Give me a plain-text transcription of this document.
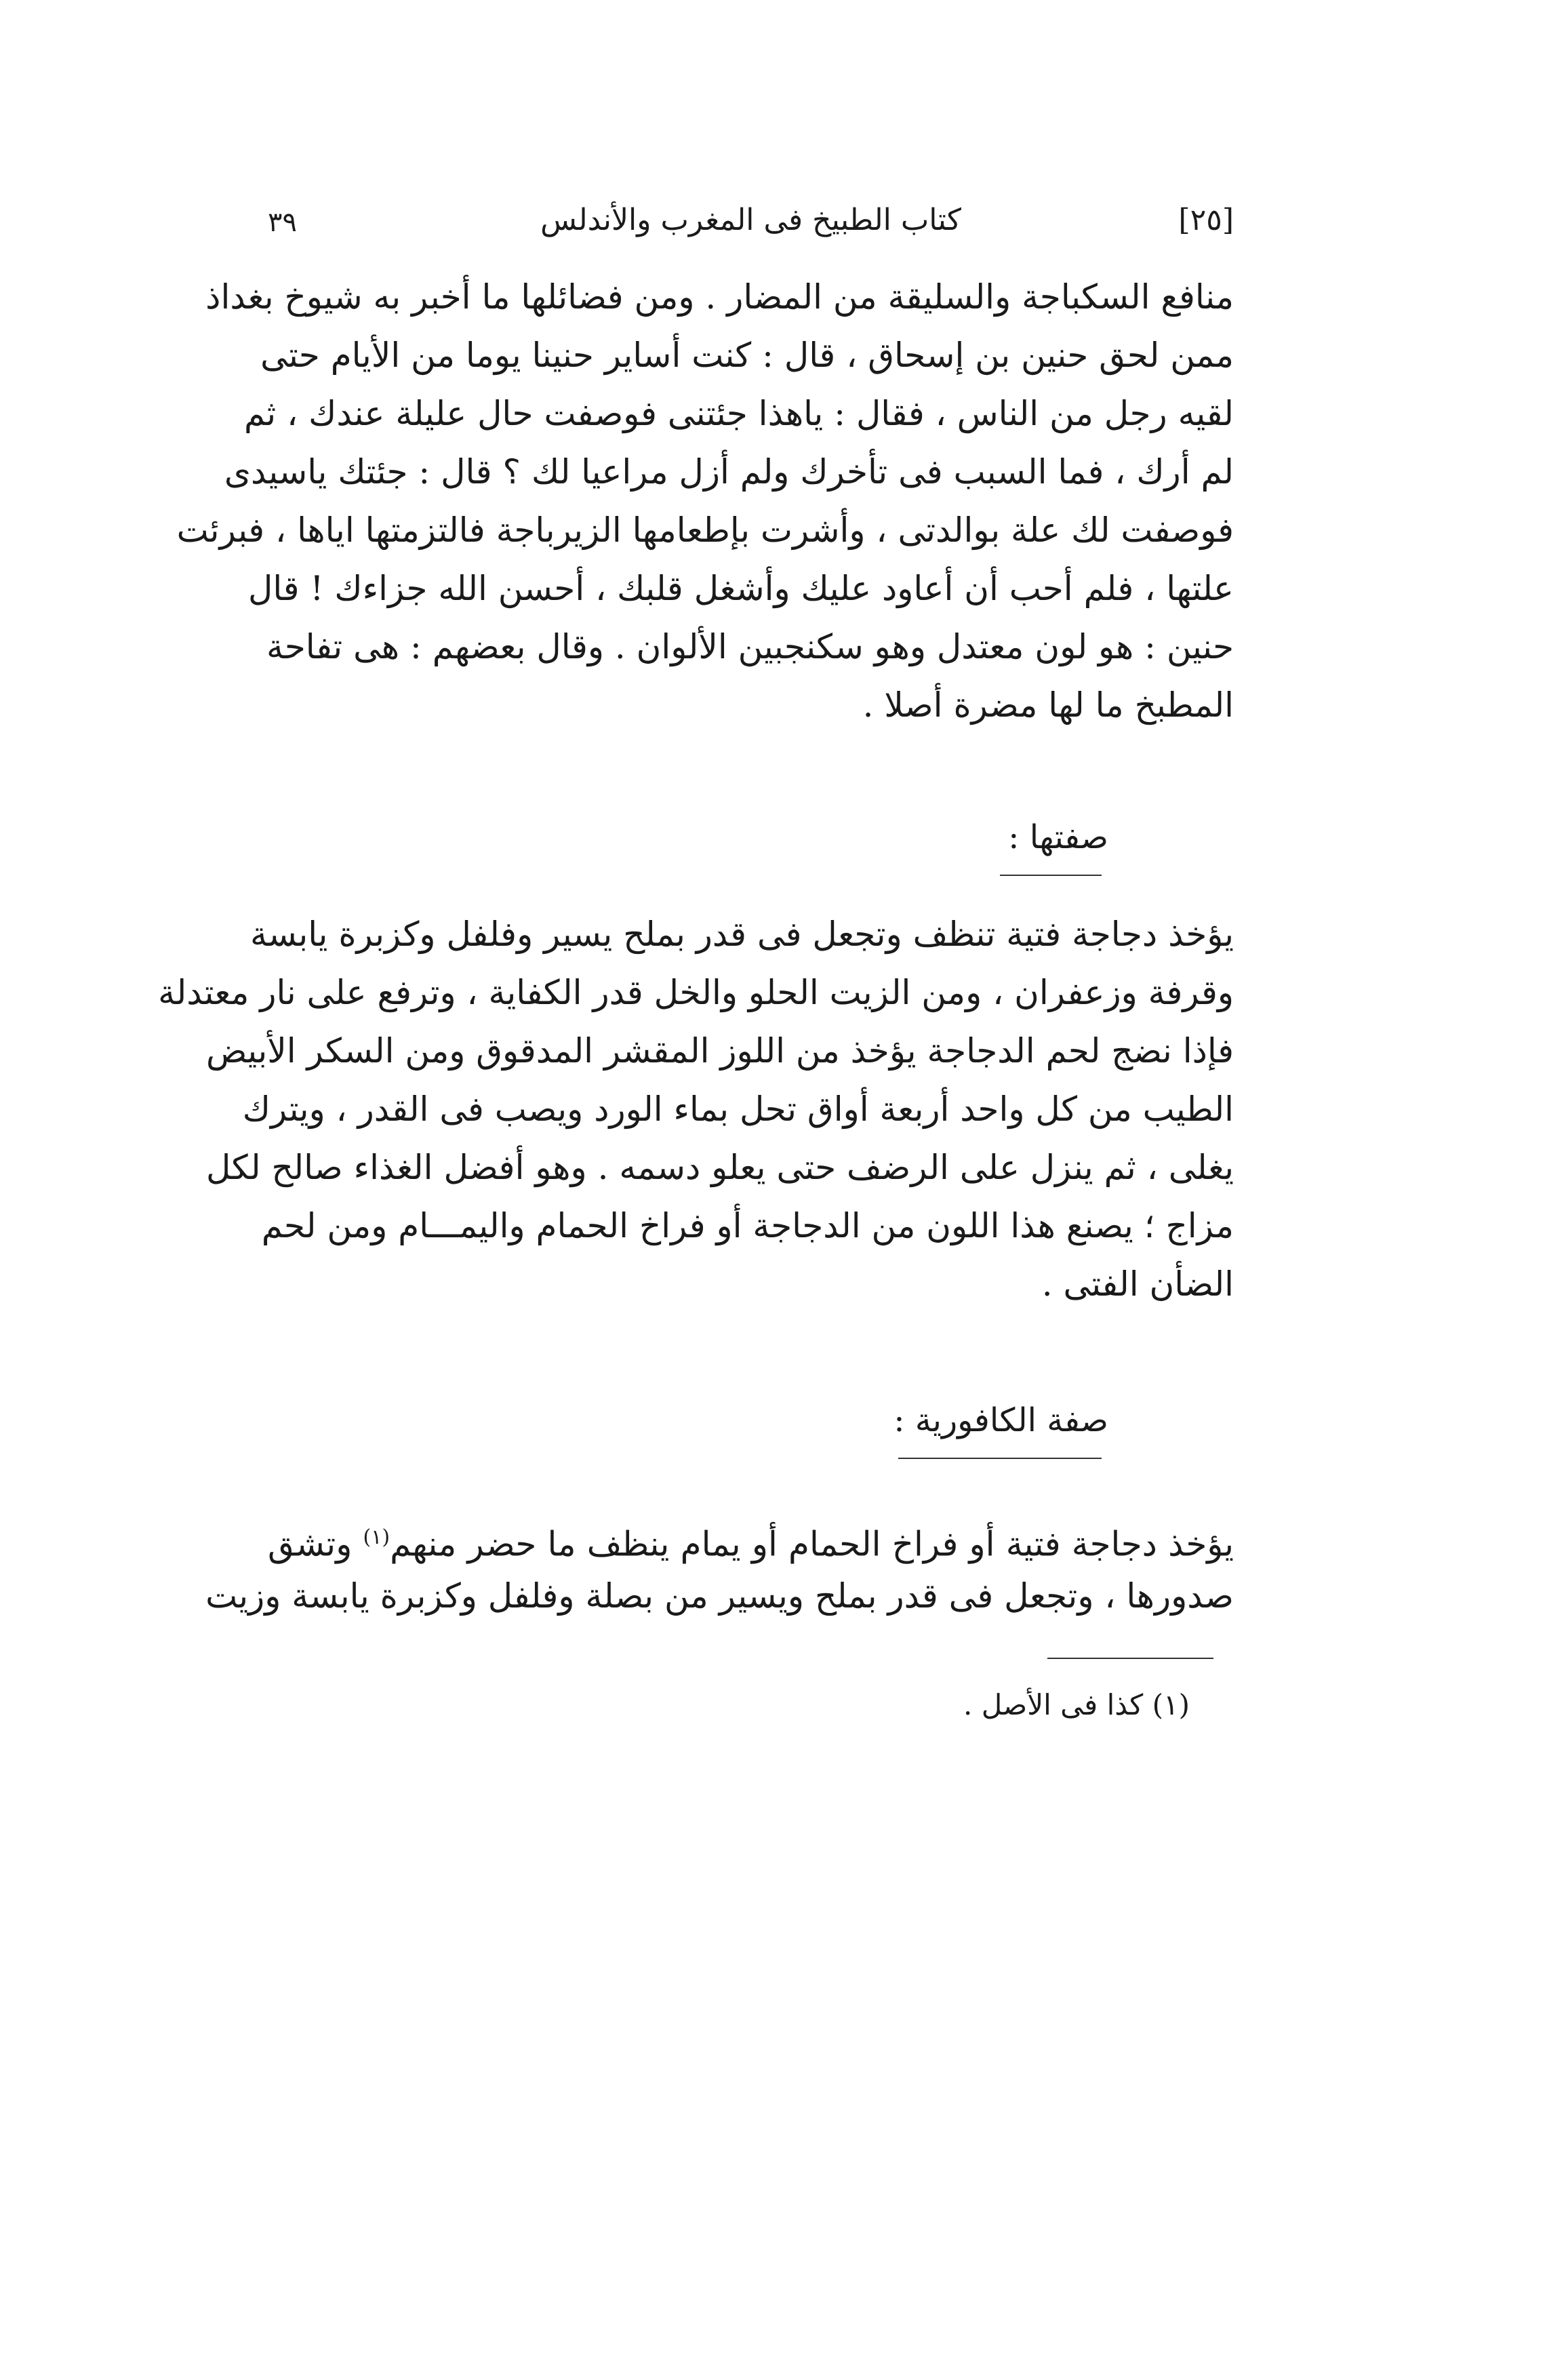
٣٩	كتاب الطبيخ فى المغرب والأندلس	[٢٥]
منافع السكباجة والسليقة من المضار . ومن فضائلها ما أخبر به شيوخ بغداذ
ممن لحق حنين بن إسحاق ، قال : كنت أساير حنينا يوما من الأيام حتى
لقيه رجل من الناس ، فقال : ياهذا جئتنى فوصفت حال عليلة عندك ، ثم
لم أرك ، فما السبب فى تأخرك ولم أزل مراعيا لك ؟ قال : جئتك ياسيدى
فوصفت لك علة بوالدتى ، وأشرت بإطعامها الزيرباجة فالتزمتها اياها ، فبرئت
علتها ، فلم أحب أن أعاود عليك وأشغل قلبك ، أحسن الله جزاءك ! قال
حنين : هو لون معتدل وهو سكنجبين الألوان . وقال بعضهم : هى تفاحة
المطبخ ما لها مضرة أصلا .
صفتها :
يؤخذ دجاجة فتية تنظف وتجعل فى قدر بملح يسير وفلفل وكزبرة يابسة
وقرفة وزعفران ، ومن الزيت الحلو والخل قدر الكفاية ، وترفع على نار معتدلة
فإذا نضج لحم الدجاجة يؤخذ من اللوز المقشر المدقوق ومن السكر الأبيض
الطيب من كل واحد أربعة أواق تحل بماء الورد ويصب فى القدر ، ويترك
يغلى ، ثم ينزل على الرضف حتى يعلو دسمه . وهو أفضل الغذاء صالح لكل
مزاج ؛ يصنع هذا اللون من الدجاجة أو فراخ الحمام واليمـــام ومن لحم
الضأن الفتى .
صفة الكافورية :
يؤخذ دجاجة فتية أو فراخ الحمام أو يمام ينظف ما حضر منهم$^{(١)}$ وتشق
صدورها ، وتجعل فى قدر بملح ويسير من بصلة وفلفل وكزبرة يابسة وزيت
(١) كذا فى الأصل .
